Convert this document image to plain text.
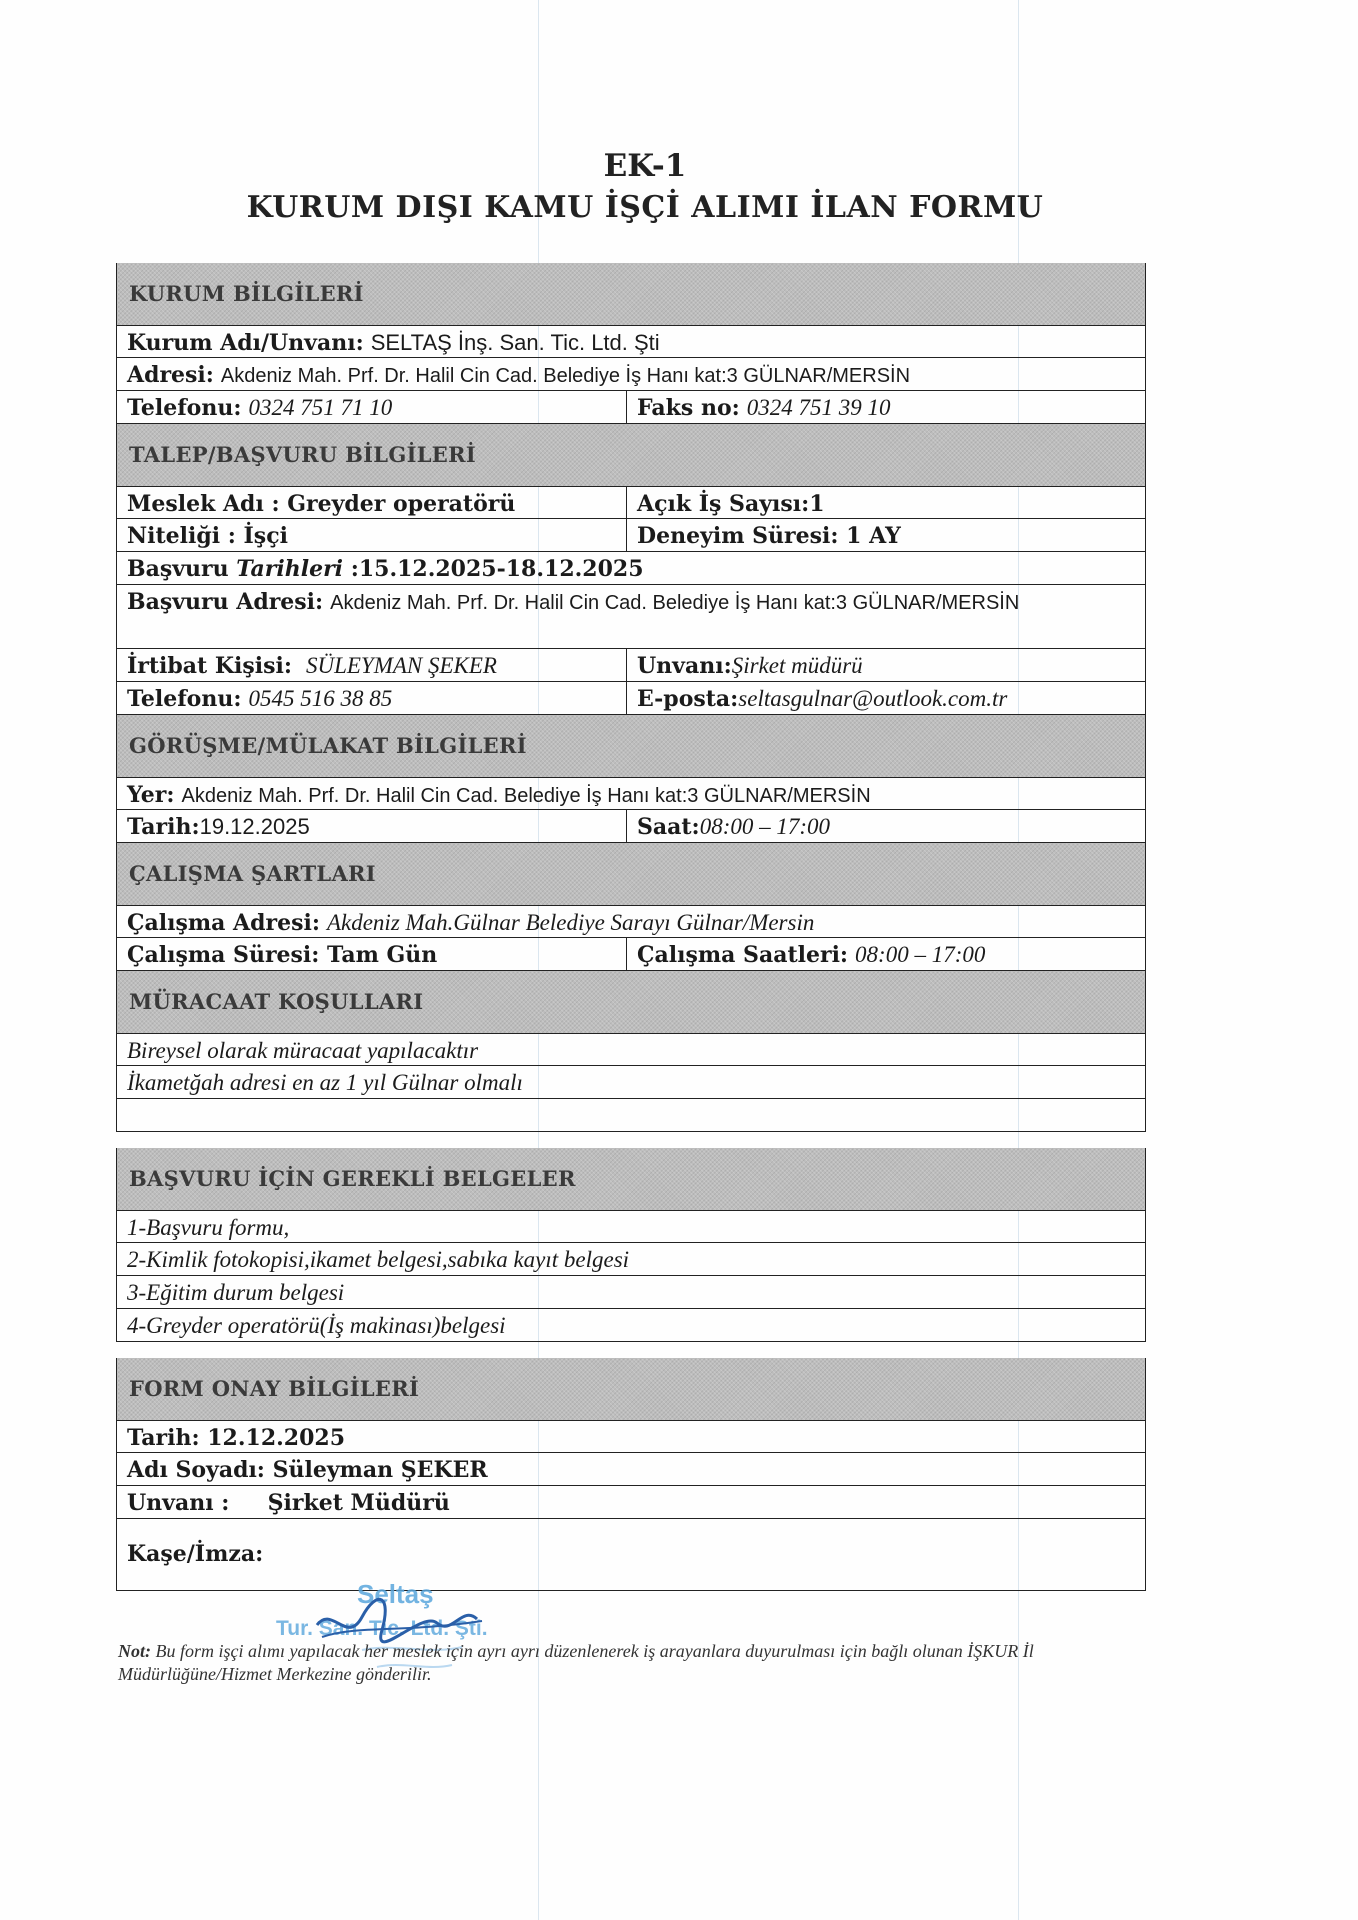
EK-1
KURUM DIŞI KAMU İŞÇİ ALIMI İLAN FORMU
KURUM BİLGİLERİ
Kurum Adı/Unvanı: SELTAŞ İnş. San. Tic. Ltd. Şti
Adresi: Akdeniz Mah. Prf. Dr. Halil Cin Cad. Belediye İş Hanı kat:3 GÜLNAR/MERSİN
Telefonu: 0324 751 71 10	Faks no: 0324 751 39 10
TALEP/BAŞVURU BİLGİLERİ
Meslek Adı : Greyder operatörü	Açık İş Sayısı:1
Niteliği : İşçi	Deneyim Süresi: 1 AY
Başvuru Tarihleri :15.12.2025-18.12.2025
Başvuru Adresi: Akdeniz Mah. Prf. Dr. Halil Cin Cad. Belediye İş Hanı kat:3 GÜLNAR/MERSİN
İrtibat Kişisi: SÜLEYMAN ŞEKER	Unvanı:Şirket müdürü
Telefonu: 0545 516 38 85	E-posta:seltasgulnar@outlook.com.tr
GÖRÜŞME/MÜLAKAT BİLGİLERİ
Yer: Akdeniz Mah. Prf. Dr. Halil Cin Cad. Belediye İş Hanı kat:3 GÜLNAR/MERSİN
Tarih:19.12.2025	Saat:08:00 – 17:00
ÇALIŞMA ŞARTLARI
Çalışma Adresi: Akdeniz Mah.Gülnar Belediye Sarayı Gülnar/Mersin
Çalışma Süresi: Tam Gün	Çalışma Saatleri: 08:00 – 17:00
MÜRACAAT KOŞULLARI
Bireysel olarak müracaat yapılacaktır
İkametğah adresi en az 1 yıl Gülnar olmalı
BAŞVURU İÇİN GEREKLİ BELGELER
1-Başvuru formu,
2-Kimlik fotokopisi,ikamet belgesi,sabıka kayıt belgesi
3-Eğitim durum belgesi
4-Greyder operatörü(İş makinası)belgesi
FORM ONAY BİLGİLERİ
Tarih: 12.12.2025
Adı Soyadı: Süleyman ŞEKER
Unvanı : Şirket Müdürü
Kaşe/İmza:
Seltaş
Tur. San. Tic. Ltd. Şti.
Not: Bu form işçi alımı yapılacak her meslek için ayrı ayrı düzenlenerek iş arayanlara duyurulması için bağlı olunan İŞKUR İl Müdürlüğüne/Hizmet Merkezine gönderilir.
